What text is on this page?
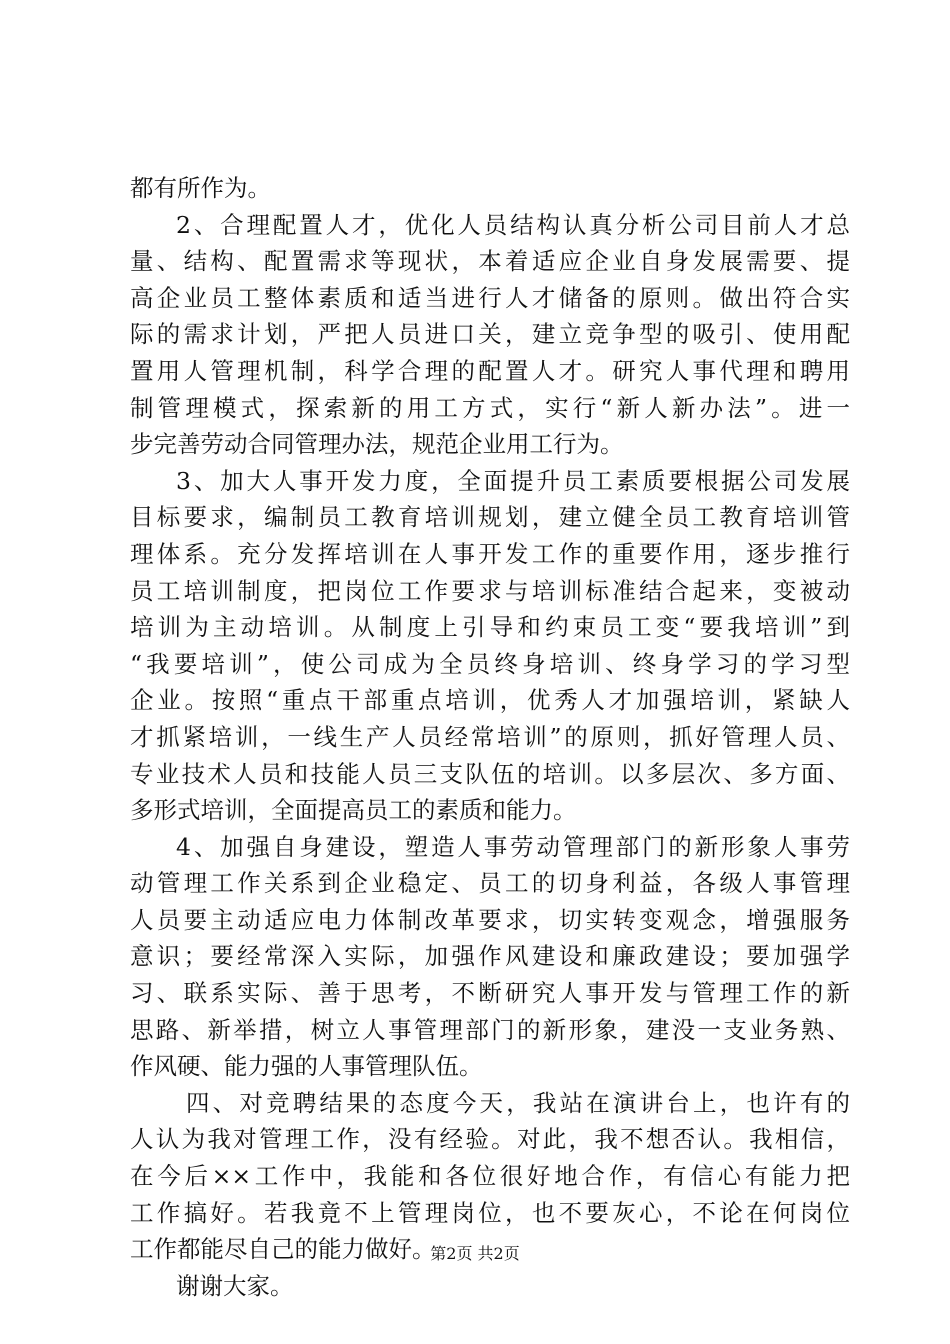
都有所作为。
2、合理配置人才，优化人员结构认真分析公司目前人才总
量、结构、配置需求等现状，本着适应企业自身发展需要、提
高企业员工整体素质和适当进行人才储备的原则。做出符合实
际的需求计划，严把人员进口关，建立竞争型的吸引、使用配
置用人管理机制，科学合理的配置人才。研究人事代理和聘用
制管理模式，探索新的用工方式，实行“新人新办法”。进一
步完善劳动合同管理办法，规范企业用工行为。
3、加大人事开发力度，全面提升员工素质要根据公司发展
目标要求，编制员工教育培训规划，建立健全员工教育培训管
理体系。充分发挥培训在人事开发工作的重要作用，逐步推行
员工培训制度，把岗位工作要求与培训标准结合起来，变被动
培训为主动培训。从制度上引导和约束员工变“要我培训”到
“我要培训”，使公司成为全员终身培训、终身学习的学习型
企业。按照“重点干部重点培训，优秀人才加强培训，紧缺人
才抓紧培训，一线生产人员经常培训”的原则，抓好管理人员、
专业技术人员和技能人员三支队伍的培训。以多层次、多方面、
多形式培训，全面提高员工的素质和能力。
4、加强自身建设，塑造人事劳动管理部门的新形象人事劳
动管理工作关系到企业稳定、员工的切身利益，各级人事管理
人员要主动适应电力体制改革要求，切实转变观念，增强服务
意识；要经常深入实际，加强作风建设和廉政建设；要加强学
习、联系实际、善于思考，不断研究人事开发与管理工作的新
思路、新举措，树立人事管理部门的新形象，建没一支业务熟、
作风硬、能力强的人事管理队伍。
四、对竞聘结果的态度今天，我站在演讲台上，也许有的
人认为我对管理工作，没有经验。对此，我不想否认。我相信，
在今后××工作中，我能和各位很好地合作，有信心有能力把
工作搞好。若我竟不上管理岗位，也不要灰心，不论在何岗位
工作都能尽自己的能力做好。
谢谢大家。
第2页 共2页
